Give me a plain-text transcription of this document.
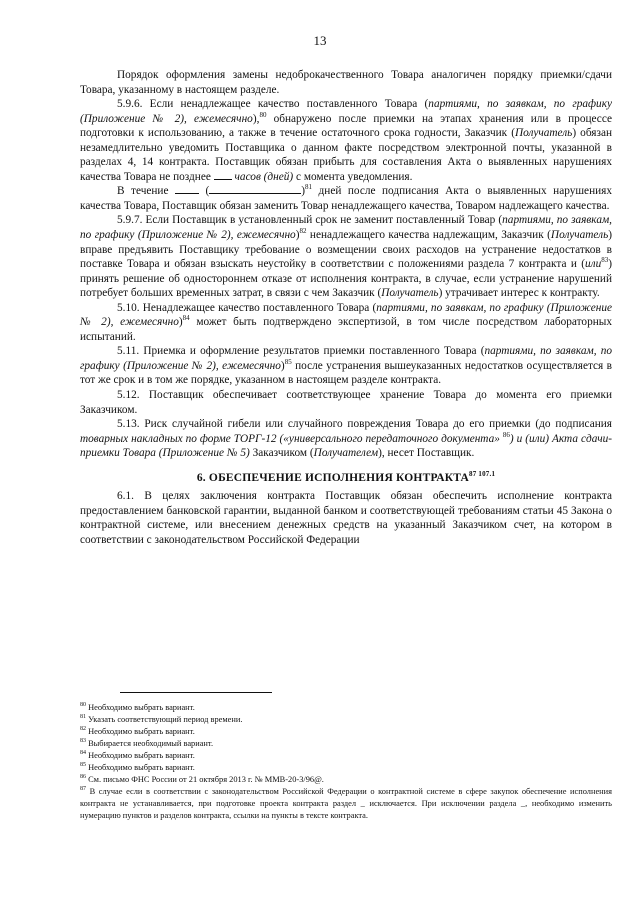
13

Порядок оформления замены недоброкачественного Товара аналогичен порядку приемки/сдачи Товара, указанному в настоящем разделе.

5.9.6. Если ненадлежащее качество поставленного Товара (партиями, по заявкам, по графику (Приложение № 2), ежемесячно),$^{80}$ обнаружено после приемки на этапах хранения или в процессе подготовки к использованию, а также в течение остаточного срока годности, Заказчик (Получатель) обязан незамедлительно уведомить Поставщика о данном факте посредством электронной почты, указанной в разделах 4, 14 контракта. Поставщик обязан прибыть для составления Акта о выявленных нарушениях качества Товара не позднее  часов (дней) с момента уведомления.

В течение  (	)$^{81}$ дней после подписания Акта о выявленных нарушениях качества Товара, Поставщик обязан заменить Товар ненадлежащего качества, Товаром надлежащего качества.

5.9.7. Если Поставщик в установленный срок не заменит поставленный Товар (партиями, по заявкам, по графику (Приложение № 2), ежемесячно)$^{82}$ ненадлежащего качества надлежащим, Заказчик (Получатель) вправе предъявить Поставщику требование о возмещении своих расходов на устранение недостатков в поставке Товара и обязан взыскать неустойку в соответствии с положениями раздела 7 контракта и (или$^{83}$) принять решение об одностороннем отказе от исполнения контракта, в случае, если устранение нарушений потребует больших временных затрат, в связи с чем Заказчик (Получатель) утрачивает интерес к контракту.

5.10. Ненадлежащее качество поставленного Товара (партиями, по заявкам, по графику (Приложение № 2), ежемесячно)$^{84}$ может быть подтверждено экспертизой, в том числе посредством лабораторных испытаний.

5.11. Приемка и оформление результатов приемки поставленного Товара (партиями, по заявкам, по графику (Приложение № 2), ежемесячно)$^{85}$ после устранения вышеуказанных недостатков осуществляется в тот же срок и в том же порядке, указанном в настоящем разделе контракта.

5.12. Поставщик обеспечивает соответствующее хранение Товара до момента его приемки Заказчиком.

5.13. Риск случайной гибели или случайного повреждения Товара до его приемки (до подписания товарных накладных по форме ТОРГ-12 («универсального передаточного документа» $^{86}$) и (или) Акта сдачи-приемки Товара (Приложение № 5) Заказчиком (Получателем), несет Поставщик.

6. ОБЕСПЕЧЕНИЕ ИСПОЛНЕНИЯ $КОНТРАКТА^{87 107.1}$

6.1. В целях заключения контракта Поставщик обязан обеспечить исполнение контракта предоставлением банковской гарантии, выданной банком и соответствующей требованиям статьи 45 Закона о контрактной системе, или внесением денежных средств на указанный Заказчиком счет, на котором в соответствии с законодательством Российской Федерации

$^{80}$ Необходимо выбрать вариант.

$^{81}$ Указать соответствующий период времени.

$^{82}$ Необходимо выбрать вариант.

$^{83}$ Выбирается необходимый вариант.

$^{84}$ Необходимо выбрать вариант.

$^{85}$ Необходимо выбрать вариант.

$^{86}$ См. письмо ФНС России от 21 октября 2013 г. № ММВ-20-3/96@.

$^{87}$ В случае если в соответствии с законодательством Российской Федерации о контрактной системе в сфере закупок обеспечение исполнения контракта не устанавливается, при подготовке проекта контракта раздел _ исключается. При исключении раздела _, необходимо изменить нумерацию пунктов и разделов контракта, ссылки на пункты в тексте контракта.
